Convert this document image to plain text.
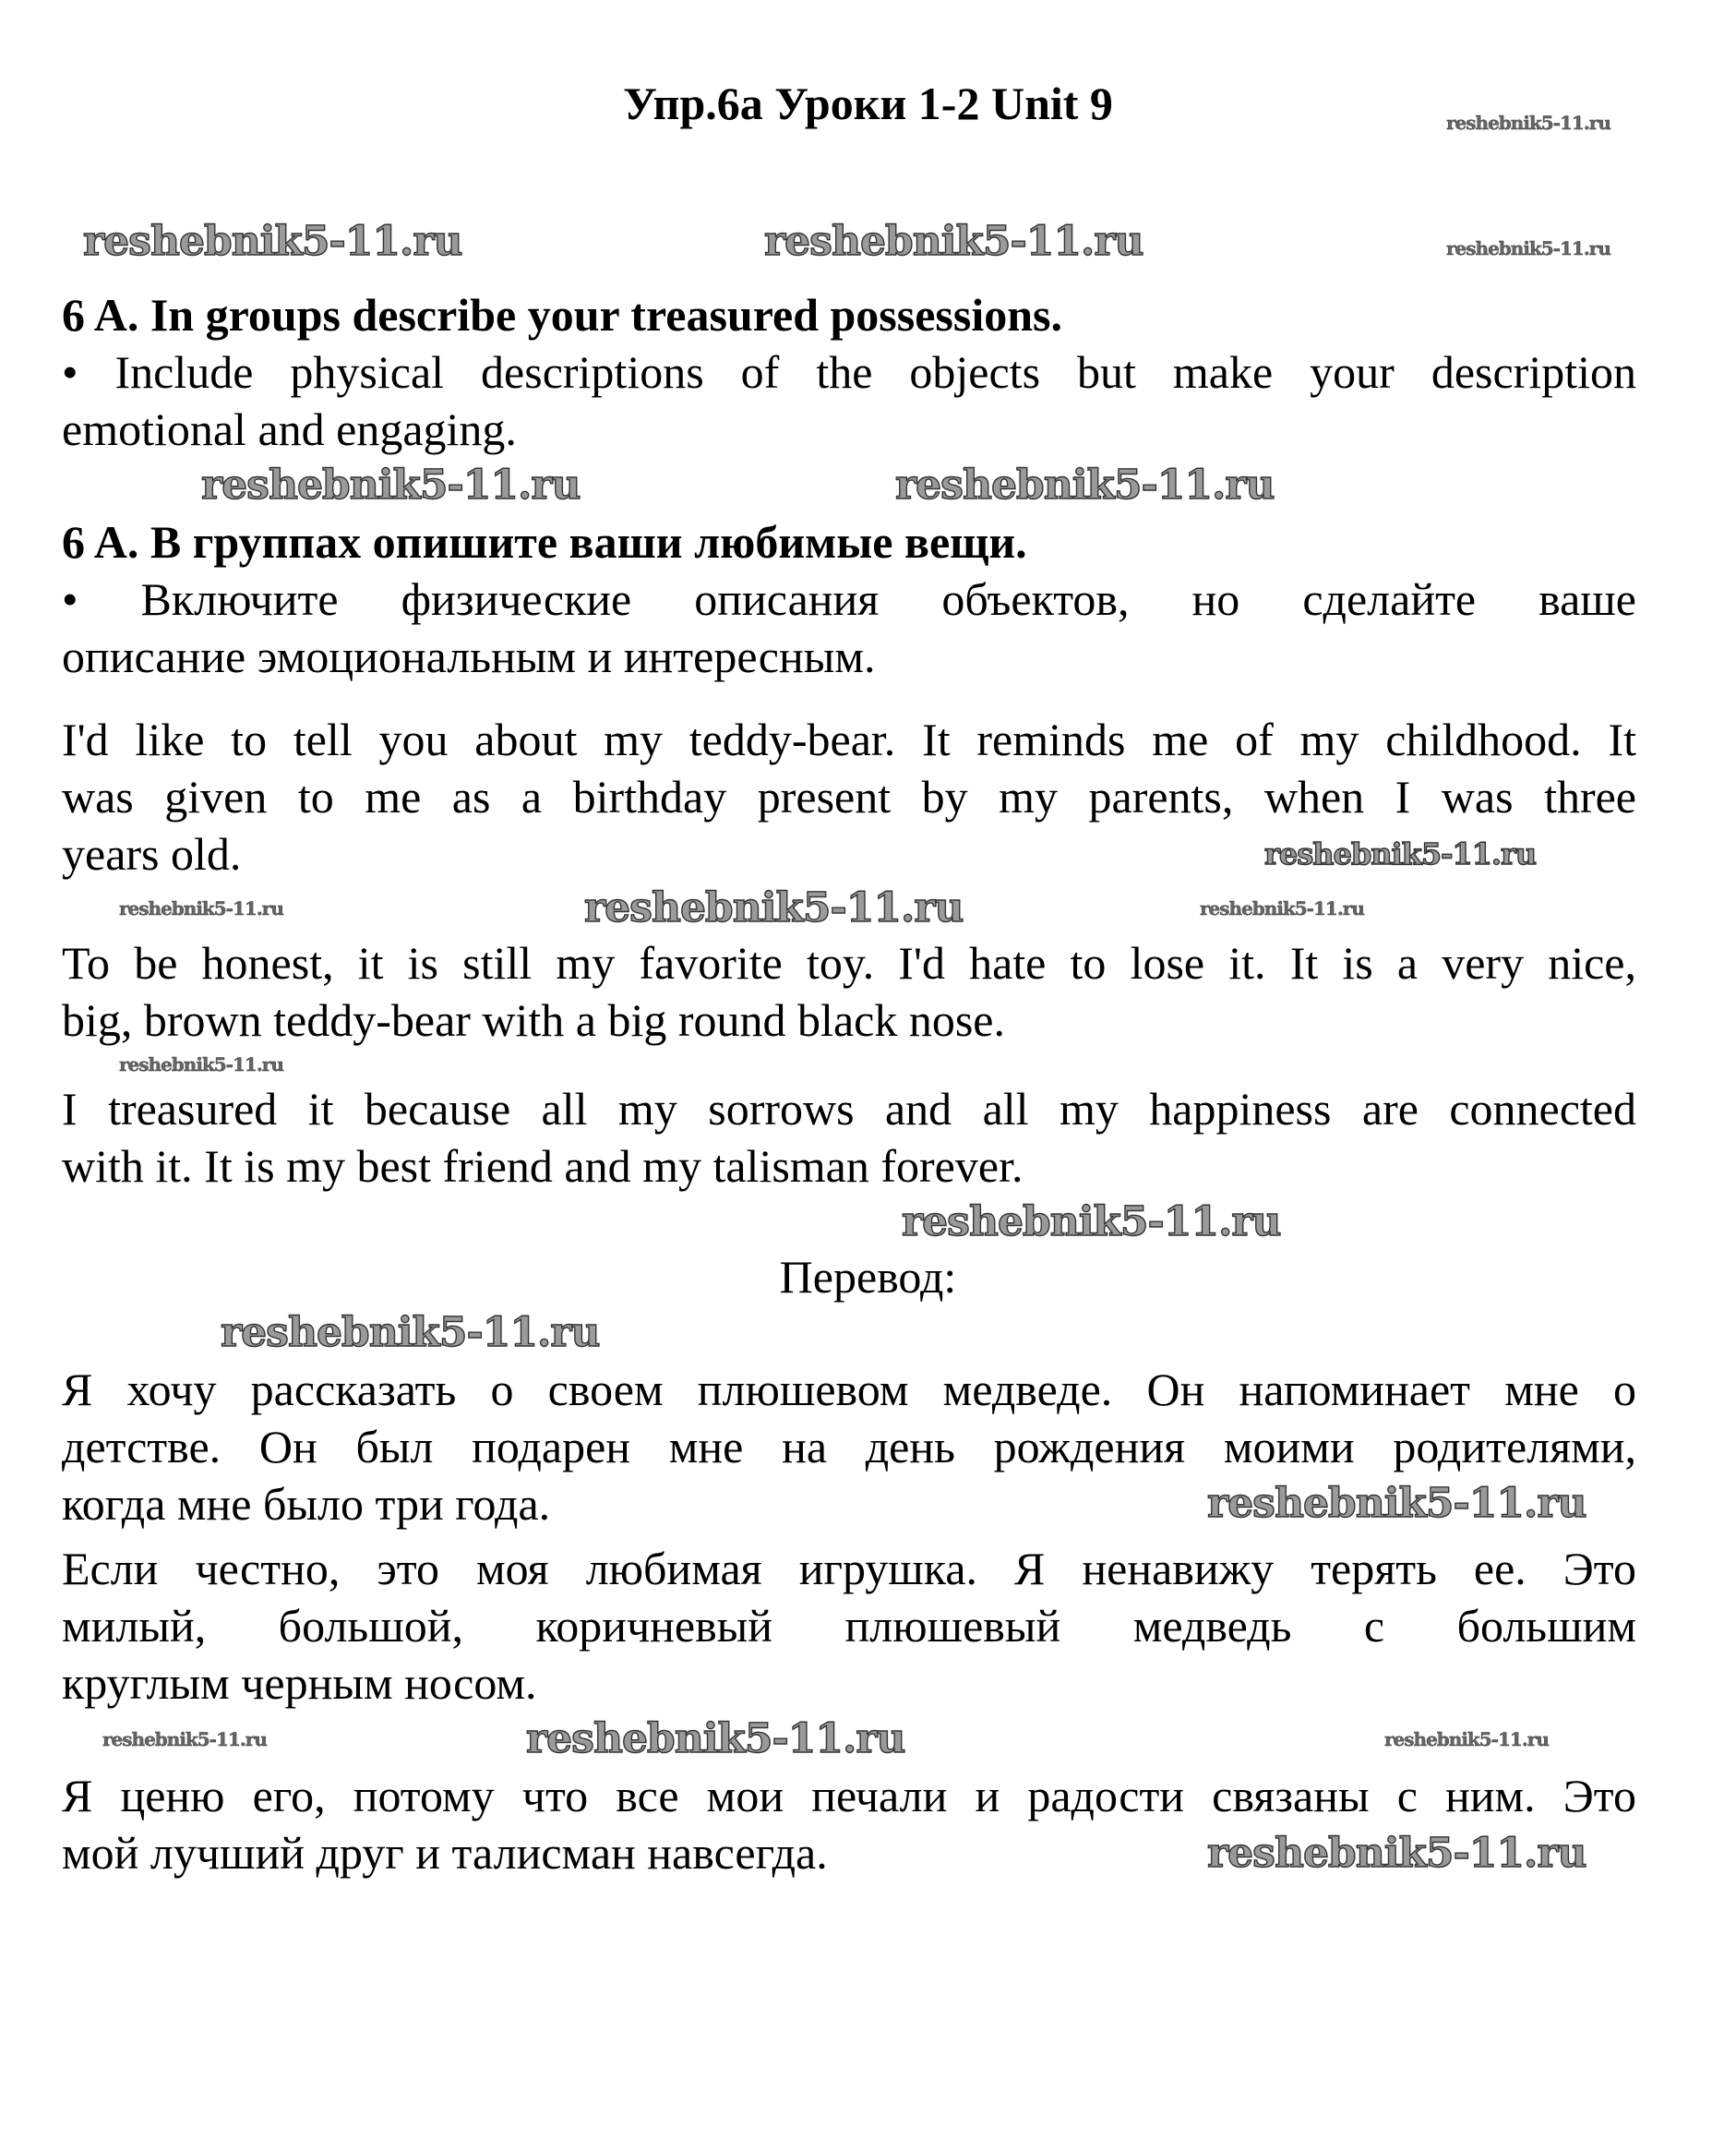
Упр.6а Уроки 1-2 Unit 9	reshebnik5-11.ru
reshebnik5-11.ru	reshebnik5-11.ru	reshebnik5-11.ru
6 A. In groups describe your treasured possessions.
• Include physical descriptions of the objects but make your description
emotional and engaging.
reshebnik5-11.ru	reshebnik5-11.ru
6 A. В группах опишите ваши любимые вещи.
• Включите физические описания объектов, но сделайте ваше
описание эмоциональным и интересным.
I'd like to tell you about my teddy-bear. It reminds me of my childhood. It
was given to me as a birthday present by my parents, when I was three
years old.	reshebnik5-11.ru
reshebnik5-11.ru	reshebnik5-11.ru	reshebnik5-11.ru
To be honest, it is still my favorite toy. I'd hate to lose it. It is a very nice,
big, brown teddy-bear with a big round black nose.
reshebnik5-11.ru
I treasured it because all my sorrows and all my happiness are connected
with it. It is my best friend and my talisman forever.
reshebnik5-11.ru
Перевод:
reshebnik5-11.ru
Я хочу рассказать о своем плюшевом медведе. Он напоминает мне о
детстве. Он был подарен мне на день рождения моими родителями,
когда мне было три года.	reshebnik5-11.ru
Если честно, это моя любимая игрушка. Я ненавижу терять ее. Это
милый, большой, коричневый плюшевый медведь с большим
круглым черным носом.
reshebnik5-11.ru	reshebnik5-11.ru	reshebnik5-11.ru
Я ценю его, потому что все мои печали и радости связаны с ним. Это
мой лучший друг и талисман навсегда.	reshebnik5-11.ru
